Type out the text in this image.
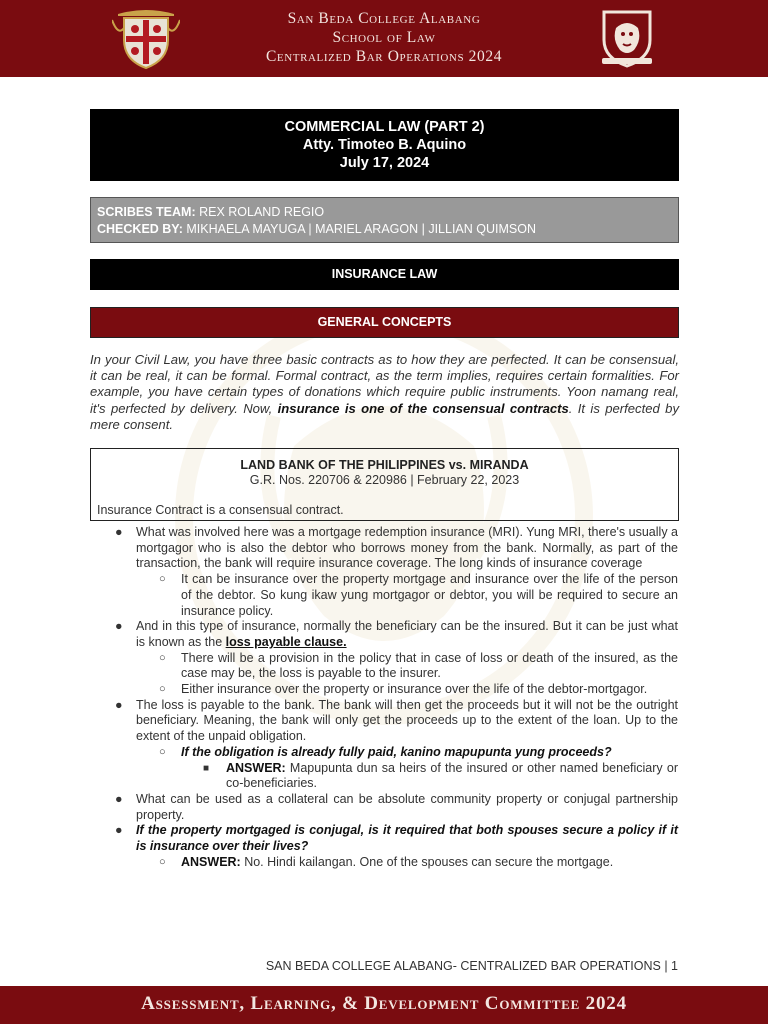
San Beda College Alabang
School of Law
Centralized Bar Operations 2024
COMMERCIAL LAW (PART 2)
Atty. Timoteo B. Aquino
July 17, 2024
SCRIBES TEAM: REX ROLAND REGIO
CHECKED BY: MIKHAELA MAYUGA | MARIEL ARAGON | JILLIAN QUIMSON
INSURANCE LAW
GENERAL CONCEPTS
In your Civil Law, you have three basic contracts as to how they are perfected. It can be consensual, it can be real, it can be formal. Formal contract, as the term implies, requires certain formalities. For example, you have certain types of donations which require public instruments. Yoon namang real, it's perfected by delivery. Now, insurance is one of the consensual contracts. It is perfected by mere consent.
LAND BANK OF THE PHILIPPINES vs. MIRANDA
G.R. Nos. 220706 & 220986 | February 22, 2023
Insurance Contract is a consensual contract.
● What was involved here was a mortgage redemption insurance (MRI). Yung MRI, there's usually a mortgagor who is also the debtor who borrows money from the bank. Normally, as part of the transaction, the bank will require insurance coverage. The long kinds of insurance coverage
○ It can be insurance over the property mortgage and insurance over the life of the person of the debtor. So kung ikaw yung mortgagor or debtor, you will be required to secure an insurance policy.
● And in this type of insurance, normally the beneficiary can be the insured. But it can be just what is known as the loss payable clause.
○ There will be a provision in the policy that in case of loss or death of the insured, as the case may be, the loss is payable to the insurer.
○ Either insurance over the property or insurance over the life of the debtor-mortgagor.
● The loss is payable to the bank. The bank will then get the proceeds but it will not be the outright beneficiary. Meaning, the bank will only get the proceeds up to the extent of the loan. Up to the extent of the unpaid obligation.
○ If the obligation is already fully paid, kanino mapupunta yung proceeds?
■ ANSWER: Mapupunta dun sa heirs of the insured or other named beneficiary or co-beneficiaries.
● What can be used as a collateral can be absolute community property or conjugal partnership property.
● If the property mortgaged is conjugal, is it required that both spouses secure a policy if it is insurance over their lives?
○ ANSWER: No. Hindi kailangan. One of the spouses can secure the mortgage.
SAN BEDA COLLEGE ALABANG- CENTRALIZED BAR OPERATIONS | 1
Assessment, Learning, & Development Committee 2024
